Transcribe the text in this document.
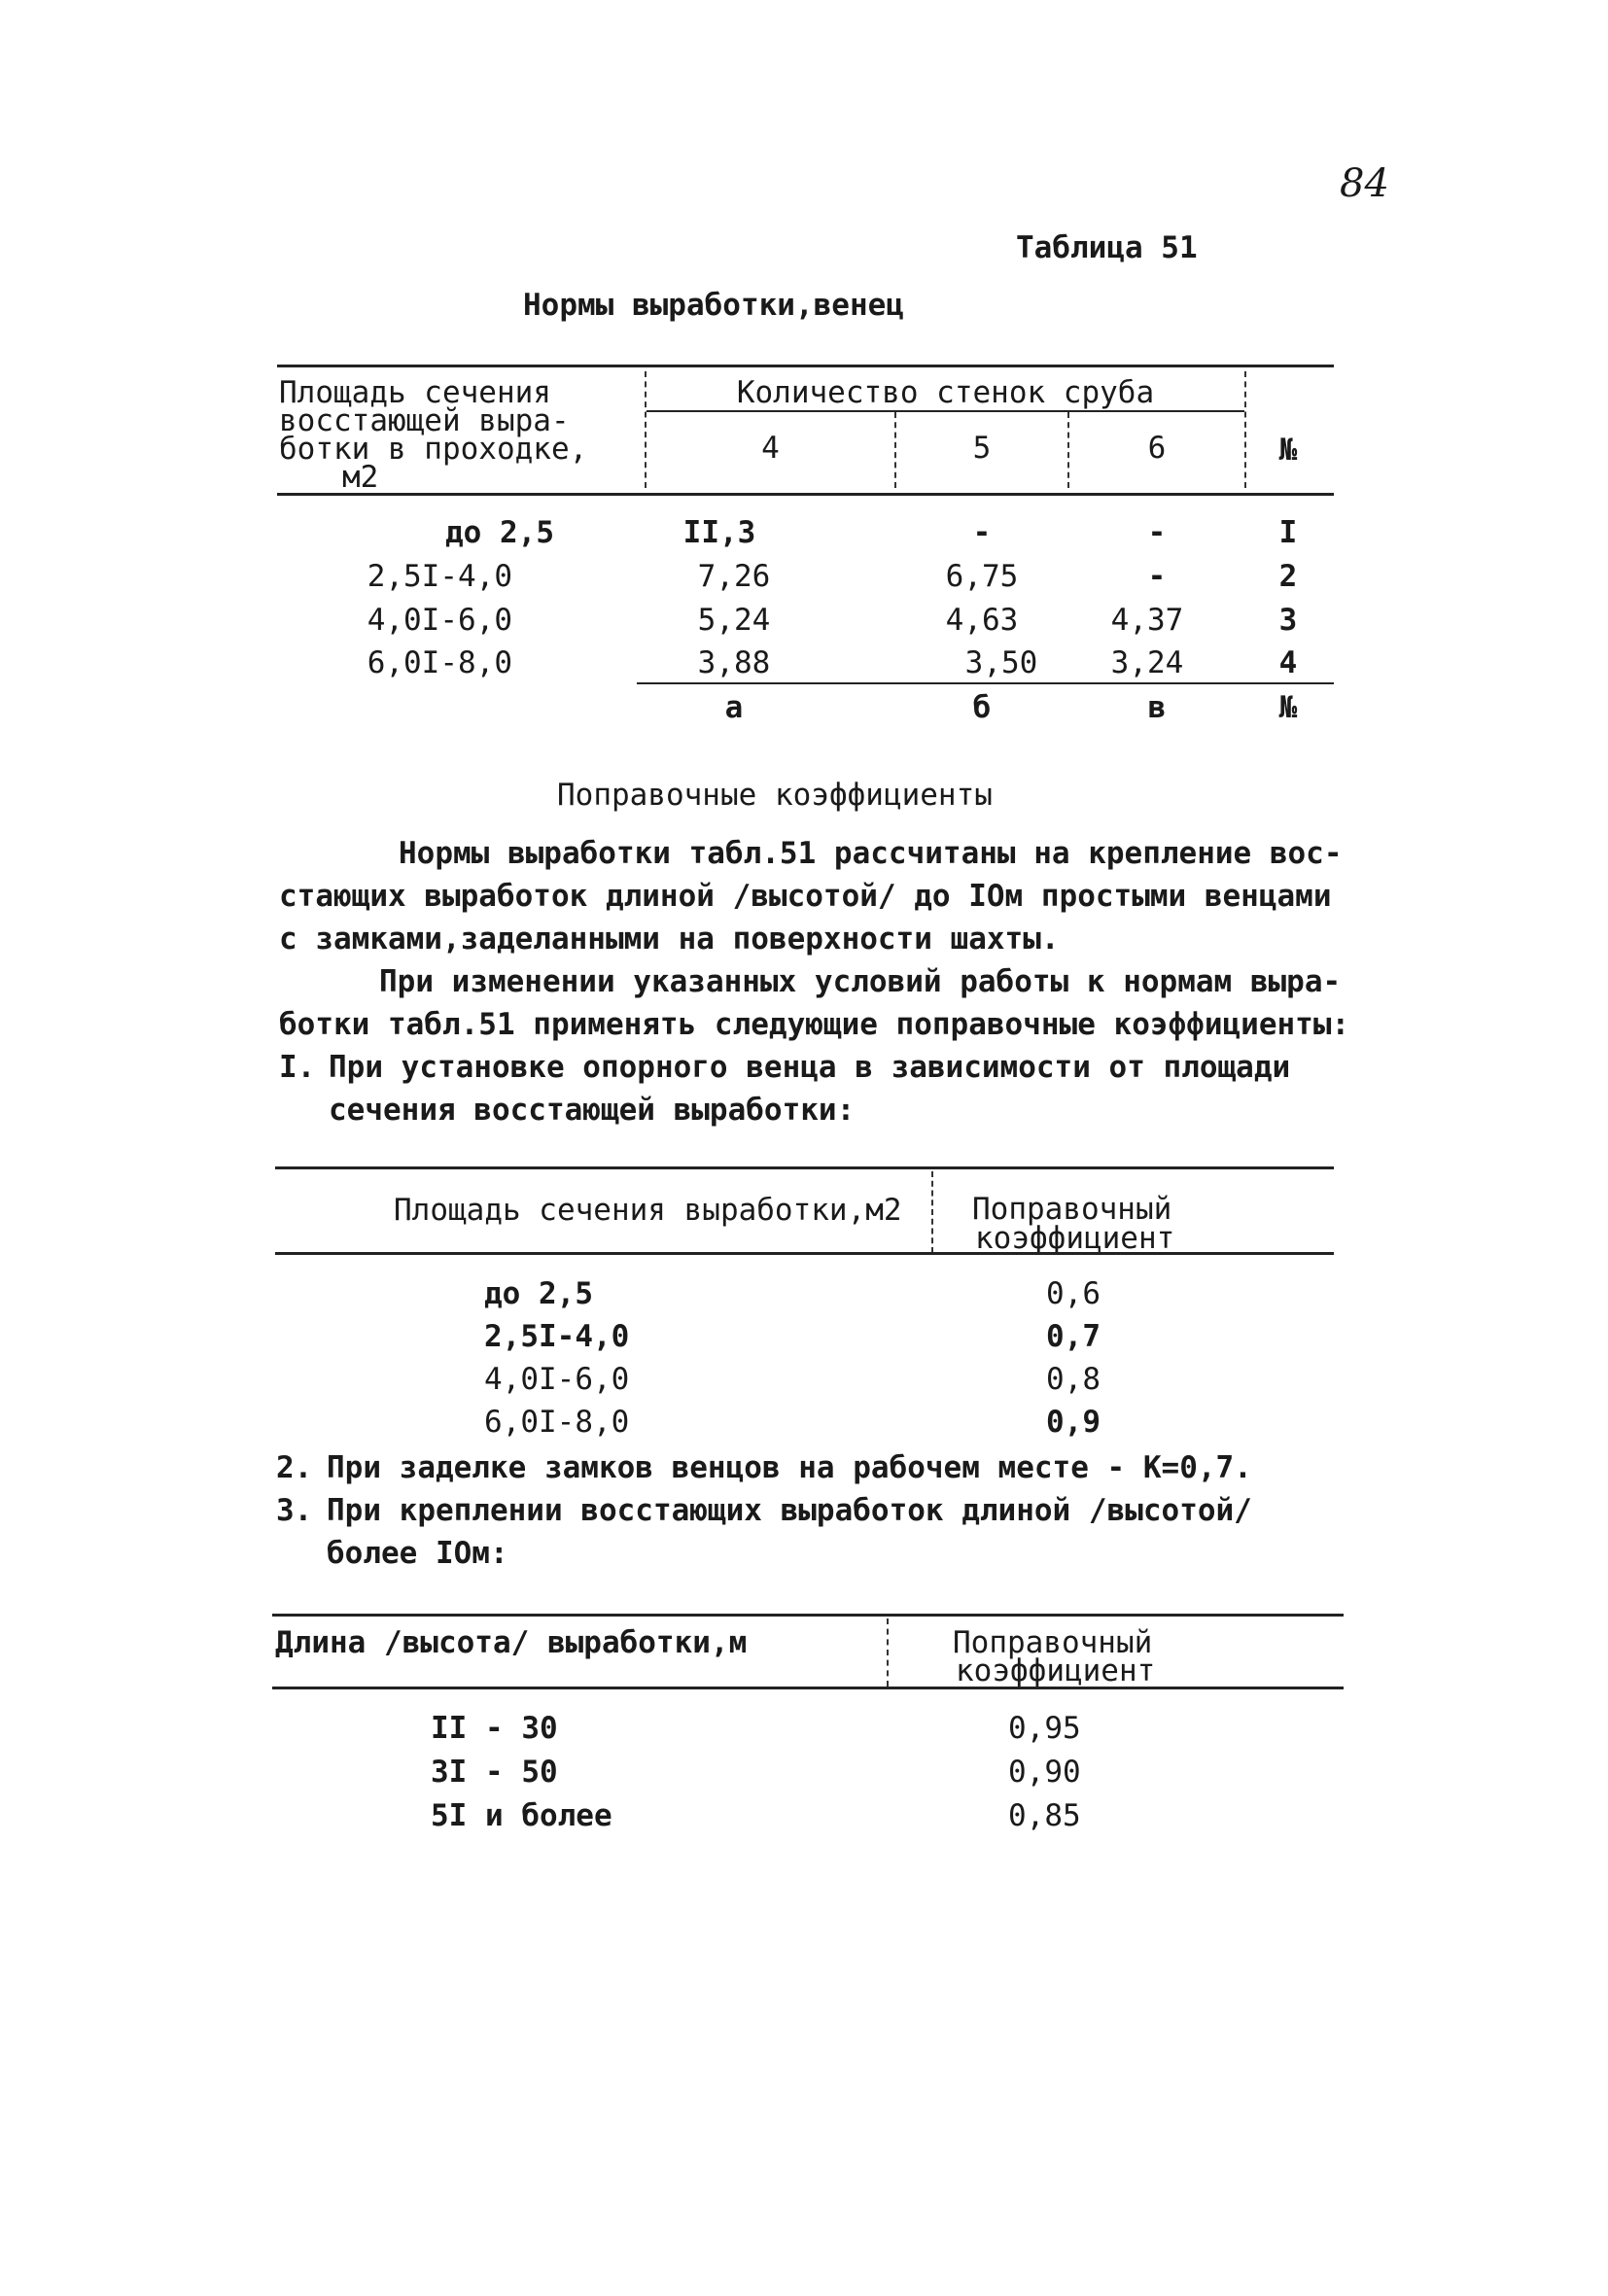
84
Таблица 51
Нормы выработки,венец
Площадь сечения
восстающей выра-
ботки в проходке,
м2
Количество стенок сруба
4	5	6	№
до 2,5	II,3	-	-	I
2,5I-4,0	7,26	6,75	-	2
4,0I-6,0	5,24	4,63	4,37	3
6,0I-8,0	3,88	3,50	3,24	4
а	б	в	№
Поправочные коэффициенты
Нормы выработки табл.51 рассчитаны на крепление вос-
стающих выработок длиной /высотой/ до IOм простыми венцами
с замками,заделанными на поверхности шахты.
При изменении указанных условий работы к нормам выра-
ботки табл.51 применять следующие поправочные коэффициенты:
I. При установке опорного венца в зависимости от площади
сечения восстающей выработки:
Площадь сечения выработки,м2 Поправочный
коэффициент
до 2,5	0,6
2,5I-4,0	0,7
4,0I-6,0	0,8
6,0I-8,0	0,9
2. При заделке замков венцов на рабочем месте - К=0,7.
3. При креплении восстающих выработок длиной /высотой/
более IOм:
Длина /высота/ выработки,м	Поправочный
коэффициент
II - 30	0,95
3I - 50	0,90
5I и более	0,85
